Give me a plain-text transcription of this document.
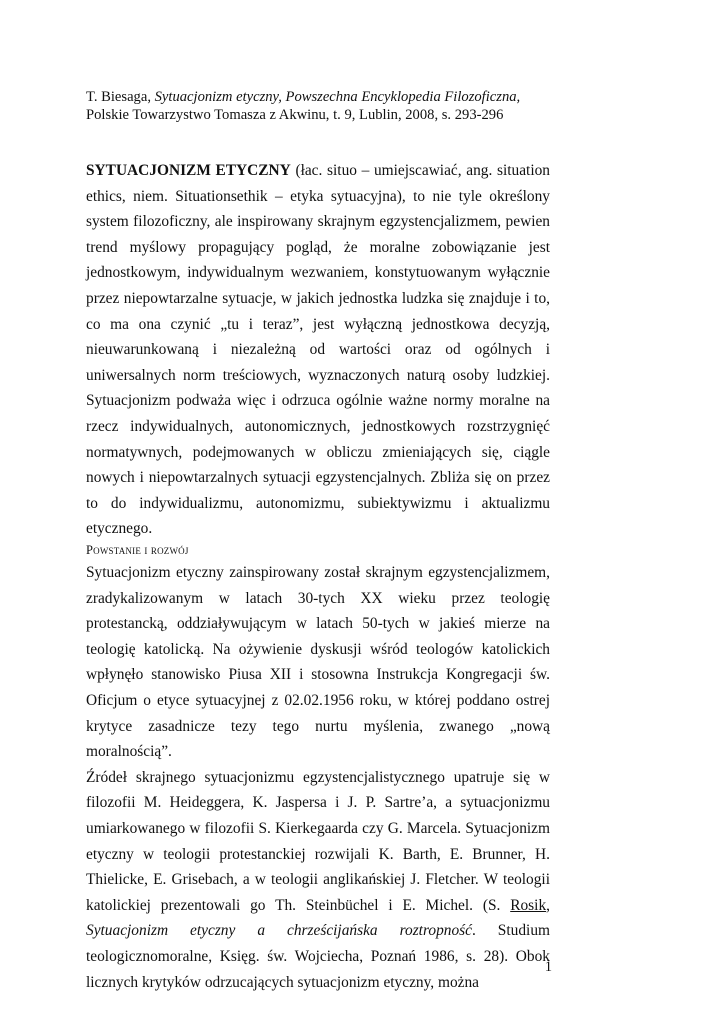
T. Biesaga, Sytuacjonizm etyczny, Powszechna Encyklopedia Filozoficzna,
Polskie Towarzystwo Tomasza z Akwinu, t. 9, Lublin, 2008, s. 293-296

SYTUACJONIZM ETYCZNY (łac. situo – umiejscawiać, ang. situation ethics, niem. Situationsethik – etyka sytuacyjna), to nie tyle określony system filozoficzny, ale inspirowany skrajnym egzystencjalizmem, pewien trend myślowy propagujący pogląd, że moralne zobowiązanie jest jednostkowym, indywidualnym wezwaniem, konstytuowanym wyłącznie przez niepowtarzalne sytuacje, w jakich jednostka ludzka się znajduje i to, co ma ona czynić „tu i teraz”, jest wyłączną jednostkowa decyzją, nieuwarunkowaną i niezależną od wartości oraz od ogólnych i uniwersalnych norm treściowych, wyznaczonych naturą osoby ludzkiej. Sytuacjonizm podważa więc i odrzuca ogólnie ważne normy moralne na rzecz indywidualnych, autonomicznych, jednostkowych rozstrzygnięć normatywnych, podejmowanych w obliczu zmieniających się, ciągle nowych i niepowtarzalnych sytuacji egzystencjalnych. Zbliża się on przez to do indywidualizmu, autonomizmu, subiektywizmu i aktualizmu etycznego.

Powstanie i rozwój

Sytuacjonizm etyczny zainspirowany został skrajnym egzystencjalizmem, zradykalizowanym w latach 30-tych XX wieku przez teologię protestancką, oddziaływującym w latach 50-tych w jakieś mierze na teologię katolicką. Na ożywienie dyskusji wśród teologów katolickich wpłynęło stanowisko Piusa XII i stosowna Instrukcja Kongregacji św. Oficjum o etyce sytuacyjnej z 02.02.1956 roku, w której poddano ostrej krytyce zasadnicze tezy tego nurtu myślenia, zwanego „nową moralnością”.

Źródeł skrajnego sytuacjonizmu egzystencjalistycznego upatruje się w filozofii M. Heideggera, K. Jaspersa i J. P. Sartre’a, a sytuacjonizmu umiarkowanego w filozofii S. Kierkegaarda czy G. Marcela. Sytuacjonizm etyczny w teologii protestanckiej rozwijali K. Barth, E. Brunner, H. Thielicke, E. Grisebach, a w teologii anglikańskiej J. Fletcher. W teologii katolickiej prezentowali go Th. Steinbüchel i E. Michel. (S. Rosik, Sytuacjonizm etyczny a chrześcijańska roztropność. Studium teologicznomoralne, Księg. św. Wojciecha, Poznań 1986, s. 28). Obok licznych krytyków odrzucających sytuacjonizm etyczny, można

1
